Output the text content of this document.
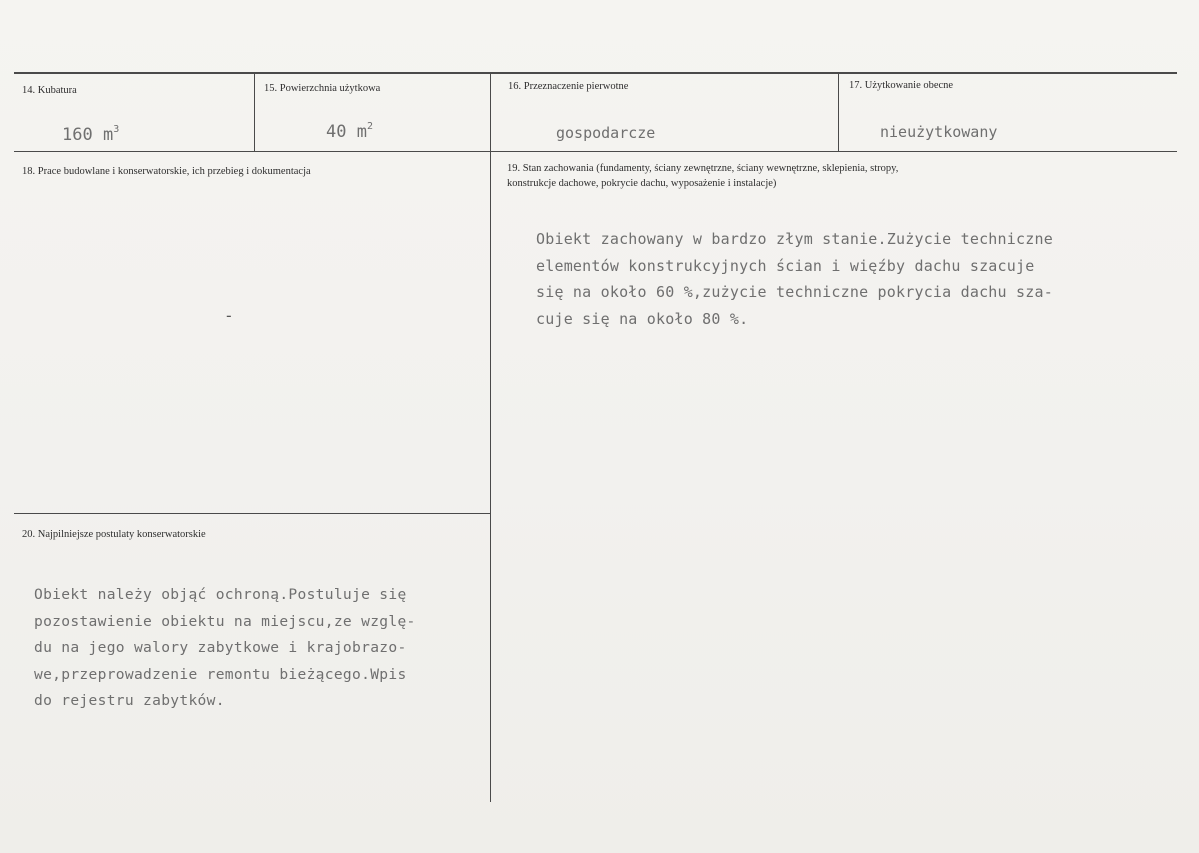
14. Kubatura
160 $m^3$
15. Powierzchnia użytkowa
40 $m^2$
16. Przeznaczenie pierwotne
gospodarcze
17. Użytkowanie obecne
nieużytkowany
18. Prace budowlane i konserwatorskie, ich przebieg i dokumentacja
-
19. Stan zachowania (fundamenty, ściany zewnętrzne, ściany wewnętrzne, sklepienia, stropy,
konstrukcje dachowe, pokrycie dachu, wyposażenie i instalacje)
Obiekt zachowany w bardzo złym stanie.Zużycie techniczne
elementów konstrukcyjnych ścian i więźby dachu szacuje
się na około 60 %,zużycie techniczne pokrycia dachu sza-
cuje się na około 80 %.
20. Najpilniejsze postulaty konserwatorskie
Obiekt należy objąć ochroną.Postuluje się
pozostawienie obiektu na miejscu,ze wzglę-
du na jego walory zabytkowe i krajobrazo-
we,przeprowadzenie remontu bieżącego.Wpis
do rejestru zabytków.
